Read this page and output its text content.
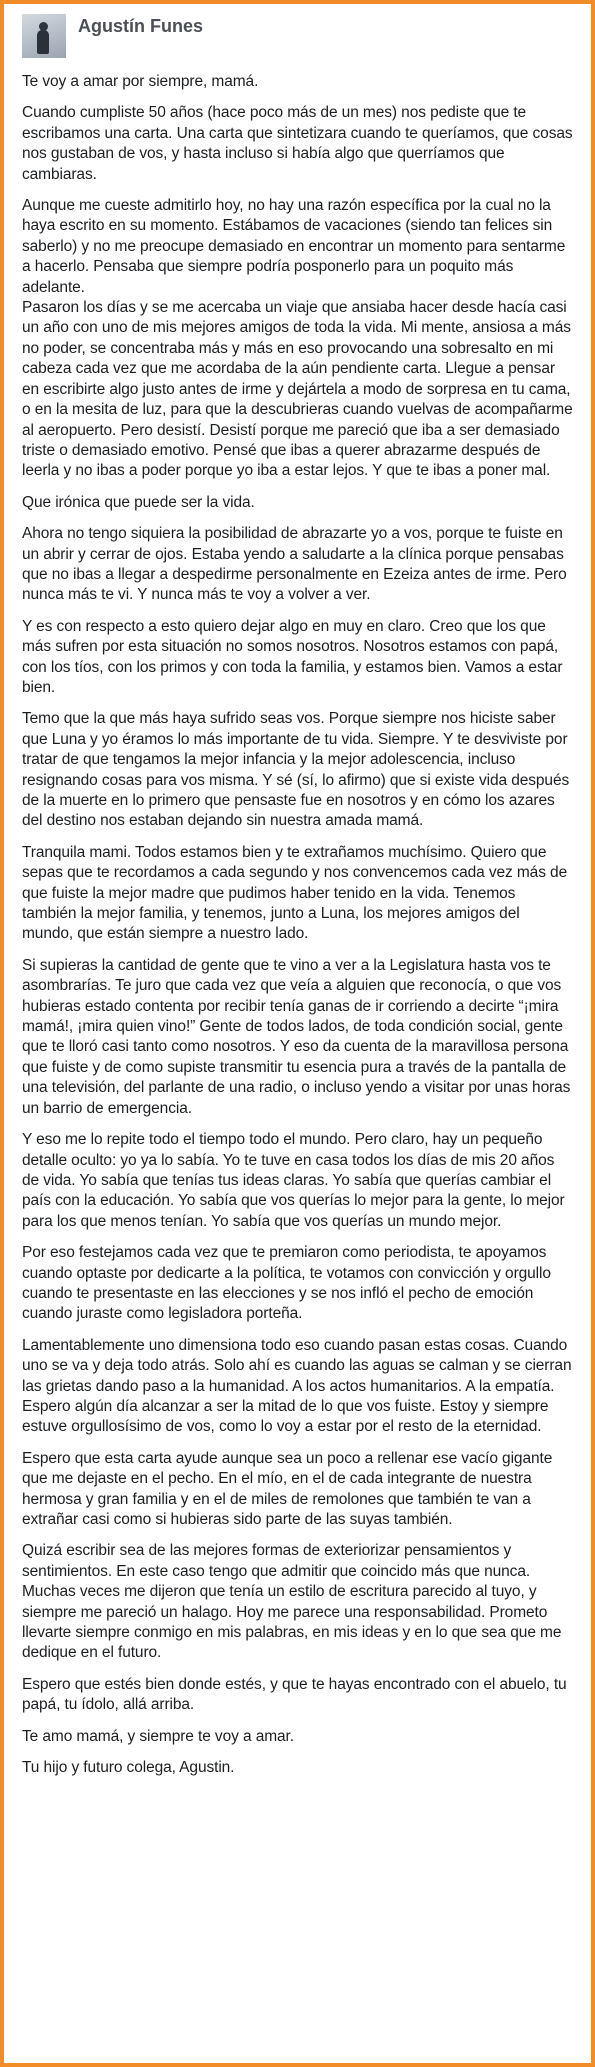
Agustín Funes

Te voy a amar por siempre, mamá.

Cuando cumpliste 50 años (hace poco más de un mes) nos pediste que te escribamos una carta. Una carta que sintetizara cuando te queríamos, que cosas nos gustaban de vos, y hasta incluso si había algo que querríamos que cambiaras.

Aunque me cueste admitirlo hoy, no hay una razón específica por la cual no la haya escrito en su momento. Estábamos de vacaciones (siendo tan felices sin saberlo) y no me preocupe demasiado en encontrar un momento para sentarme a hacerlo. Pensaba que siempre podría posponerlo para un poquito más adelante.

Pasaron los días y se me acercaba un viaje que ansiaba hacer desde hacía casi un año con uno de mis mejores amigos de toda la vida. Mi mente, ansiosa a más no poder, se concentraba más y más en eso provocando una sobresalto en mi cabeza cada vez que me acordaba de la aún pendiente carta. Llegue a pensar en escribirte algo justo antes de irme y dejártela a modo de sorpresa en tu cama, o en la mesita de luz, para que la descubrieras cuando vuelvas de acompañarme al aeropuerto. Pero desistí. Desistí porque me pareció que iba a ser demasiado triste o demasiado emotivo. Pensé que ibas a querer abrazarme después de leerla y no ibas a poder porque yo iba a estar lejos. Y que te ibas a poner mal.

Que irónica que puede ser la vida.

Ahora no tengo siquiera la posibilidad de abrazarte yo a vos, porque te fuiste en un abrir y cerrar de ojos. Estaba yendo a saludarte a la clínica porque pensabas que no ibas a llegar a despedirme personalmente en Ezeiza antes de irme. Pero nunca más te vi. Y nunca más te voy a volver a ver.

Y es con respecto a esto quiero dejar algo en muy en claro. Creo que los que más sufren por esta situación no somos nosotros. Nosotros estamos con papá, con los tíos, con los primos y con toda la familia, y estamos bien. Vamos a estar bien.

Temo que la que más haya sufrido seas vos. Porque siempre nos hiciste saber que Luna y yo éramos lo más importante de tu vida. Siempre. Y te desviviste por tratar de que tengamos la mejor infancia y la mejor adolescencia, incluso resignando cosas para vos misma. Y sé (sí, lo afirmo) que si existe vida después de la muerte en lo primero que pensaste fue en nosotros y en cómo los azares del destino nos estaban dejando sin nuestra amada mamá.

Tranquila mami. Todos estamos bien y te extrañamos muchísimo. Quiero que sepas que te recordamos a cada segundo y nos convencemos cada vez más de que fuiste la mejor madre que pudimos haber tenido en la vida. Tenemos también la mejor familia, y tenemos, junto a Luna, los mejores amigos del mundo, que están siempre a nuestro lado.

Si supieras la cantidad de gente que te vino a ver a la Legislatura hasta vos te asombrarías. Te juro que cada vez que veía a alguien que reconocía, o que vos hubieras estado contenta por recibir tenía ganas de ir corriendo a decirte “¡mira mamá!, ¡mira quien vino!” Gente de todos lados, de toda condición social, gente que te lloró casi tanto como nosotros. Y eso da cuenta de la maravillosa persona que fuiste y de como supiste transmitir tu esencia pura a través de la pantalla de una televisión, del parlante de una radio, o incluso yendo a visitar por unas horas un barrio de emergencia.

Y eso me lo repite todo el tiempo todo el mundo. Pero claro, hay un pequeño detalle oculto: yo ya lo sabía. Yo te tuve en casa todos los días de mis 20 años de vida. Yo sabía que tenías tus ideas claras. Yo sabía que querías cambiar el país con la educación. Yo sabía que vos querías lo mejor para la gente, lo mejor para los que menos tenían. Yo sabía que vos querías un mundo mejor.

Por eso festejamos cada vez que te premiaron como periodista, te apoyamos cuando optaste por dedicarte a la política, te votamos con convicción y orgullo cuando te presentaste en las elecciones y se nos infló el pecho de emoción cuando juraste como legisladora porteña.

Lamentablemente uno dimensiona todo eso cuando pasan estas cosas. Cuando uno se va y deja todo atrás. Solo ahí es cuando las aguas se calman y se cierran las grietas dando paso a la humanidad. A los actos humanitarios. A la empatía.

Espero algún día alcanzar a ser la mitad de lo que vos fuiste. Estoy y siempre estuve orgullosísimo de vos, como lo voy a estar por el resto de la eternidad.

Espero que esta carta ayude aunque sea un poco a rellenar ese vacío gigante que me dejaste en el pecho. En el mío, en el de cada integrante de nuestra hermosa y gran familia y en el de miles de remolones que también te van a extrañar casi como si hubieras sido parte de las suyas también.

Quizá escribir sea de las mejores formas de exteriorizar pensamientos y sentimientos. En este caso tengo que admitir que coincido más que nunca. Muchas veces me dijeron que tenía un estilo de escritura parecido al tuyo, y siempre me pareció un halago. Hoy me parece una responsabilidad. Prometo llevarte siempre conmigo en mis palabras, en mis ideas y en lo que sea que me dedique en el futuro.

Espero que estés bien donde estés, y que te hayas encontrado con el abuelo, tu papá, tu ídolo, allá arriba.

Te amo mamá, y siempre te voy a amar.

Tu hijo y futuro colega, Agustin.
